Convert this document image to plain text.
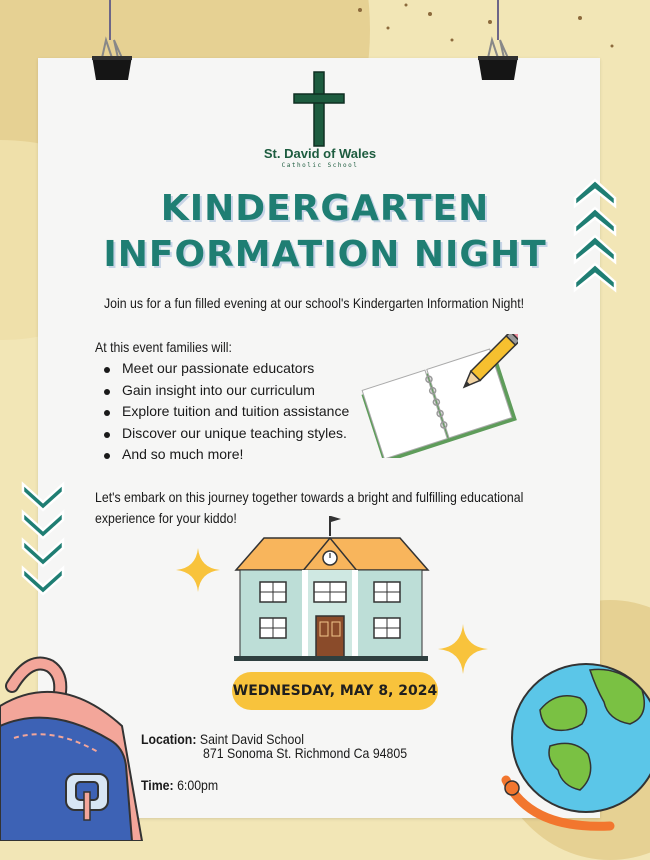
St. David of Wales
Catholic School
KINDERGARTEN
INFORMATION NIGHT
Join us for a fun filled evening at our school's Kindergarten Information Night!
At this event families will:
Meet our passionate educators
Gain insight into our curriculum
Explore tuition and tuition assistance
Discover our unique teaching styles.
And so much more!
Let's embark on this journey together towards a bright and fulfilling educational
experience for your kiddo!
WEDNESDAY, MAY 8, 2024
Location: Saint David School
871 Sonoma St. Richmond Ca 94805
Time: 6:00pm
